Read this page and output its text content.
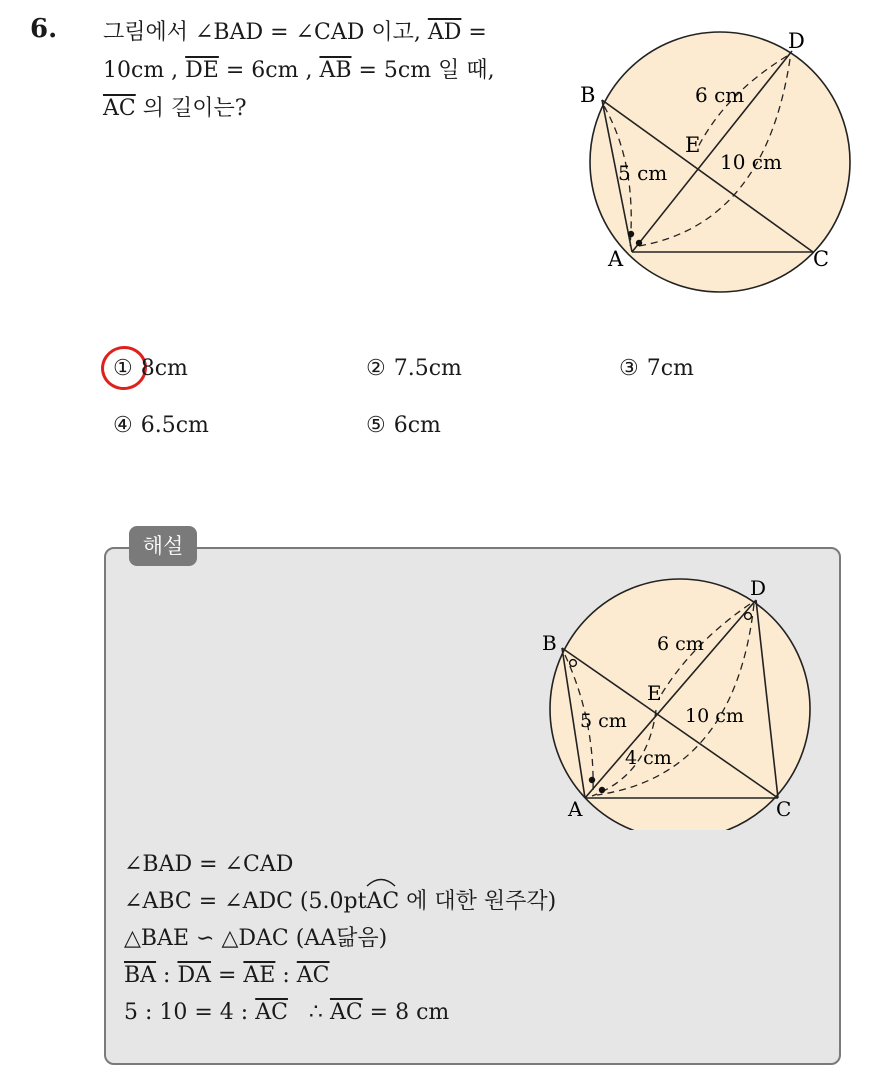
6. 그림에서 ∠BAD = ∠CAD 이고, $\overline{AD}$ =
10cm , $\overline{DE} = 6cm$ , $\overline{AB} = 5cm$ 일 때,
$\overline{AC}$ 의 길이는?
B
D
E
A	C
6 cm
5 cm	10 cm
① 8cm	② 7.5cm	③ 7cm
④ 6.5cm	⑤ 6cm
해설
B
D
E
A	C
6 cm
5 cm	10 cm
4 cm
∠BAD = ∠CAD
∠ABC = ∠ADC (5.0ptAC
에 대한 원주각)
△BAE ∽ △DAC (AA닮음)
$\overline{BA}$ : $\overline{DA} = \overline{AE}$ : $\overline{AC}$
5 : 10 = 4 : $\overline{AC}$   ∴ $\overline{AC} = 8$ cm
